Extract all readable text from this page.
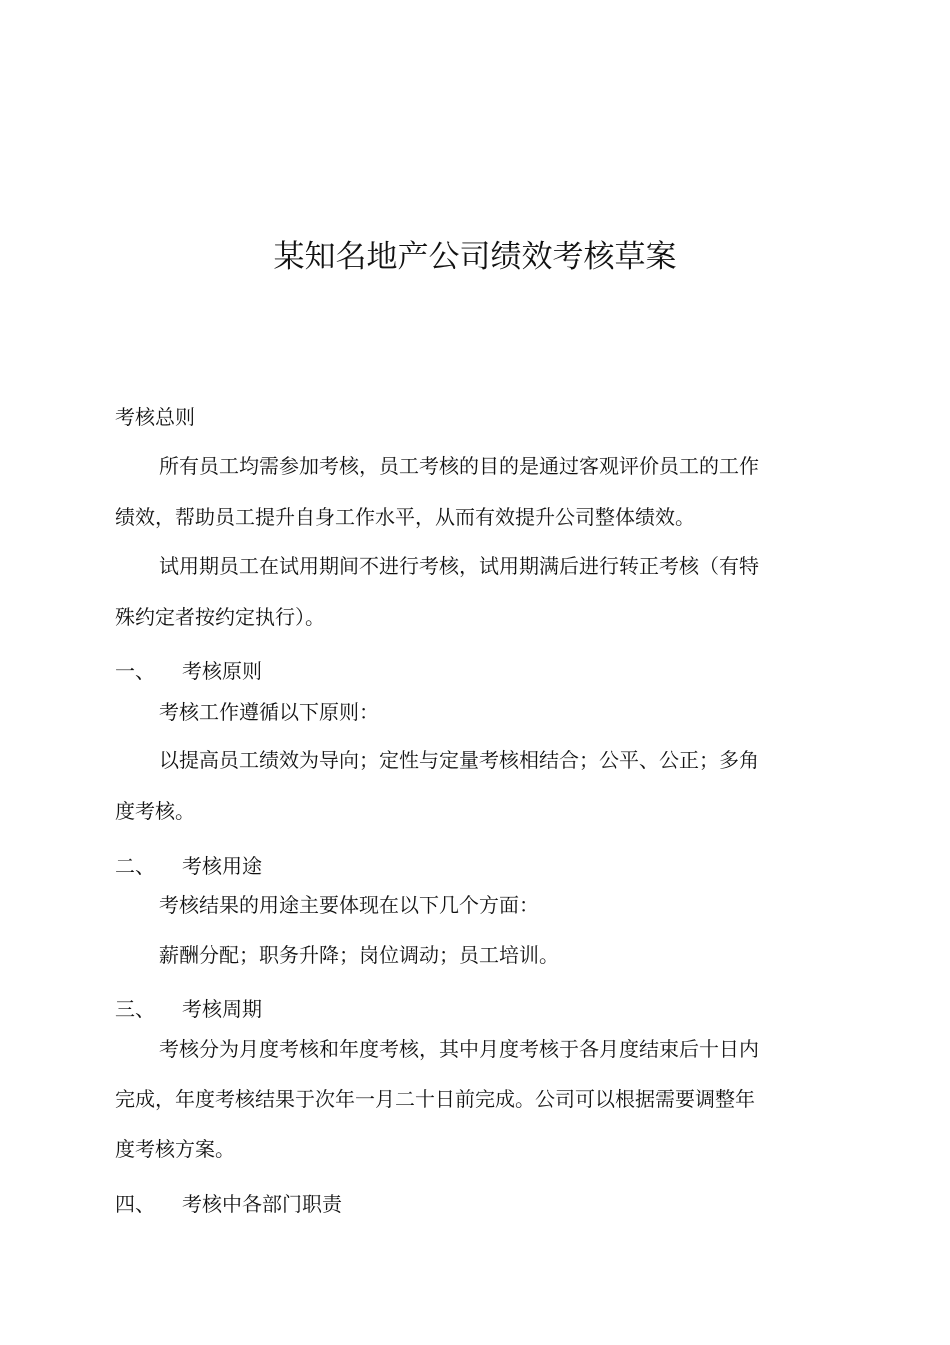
某知名地产公司绩效考核草案
考核总则
所有员工均需参加考核，员工考核的目的是通过客观评价员工的工作
绩效，帮助员工提升自身工作水平，从而有效提升公司整体绩效。
试用期员工在试用期间不进行考核，试用期满后进行转正考核（有特
殊约定者按约定执行）。
一、 考核原则
考核工作遵循以下原则：
以提高员工绩效为导向；定性与定量考核相结合；公平、公正；多角
度考核。
二、 考核用途
考核结果的用途主要体现在以下几个方面：
薪酬分配；职务升降；岗位调动；员工培训。
三、 考核周期
考核分为月度考核和年度考核，其中月度考核于各月度结束后十日内
完成，年度考核结果于次年一月二十日前完成。公司可以根据需要调整年
度考核方案。
四、 考核中各部门职责
